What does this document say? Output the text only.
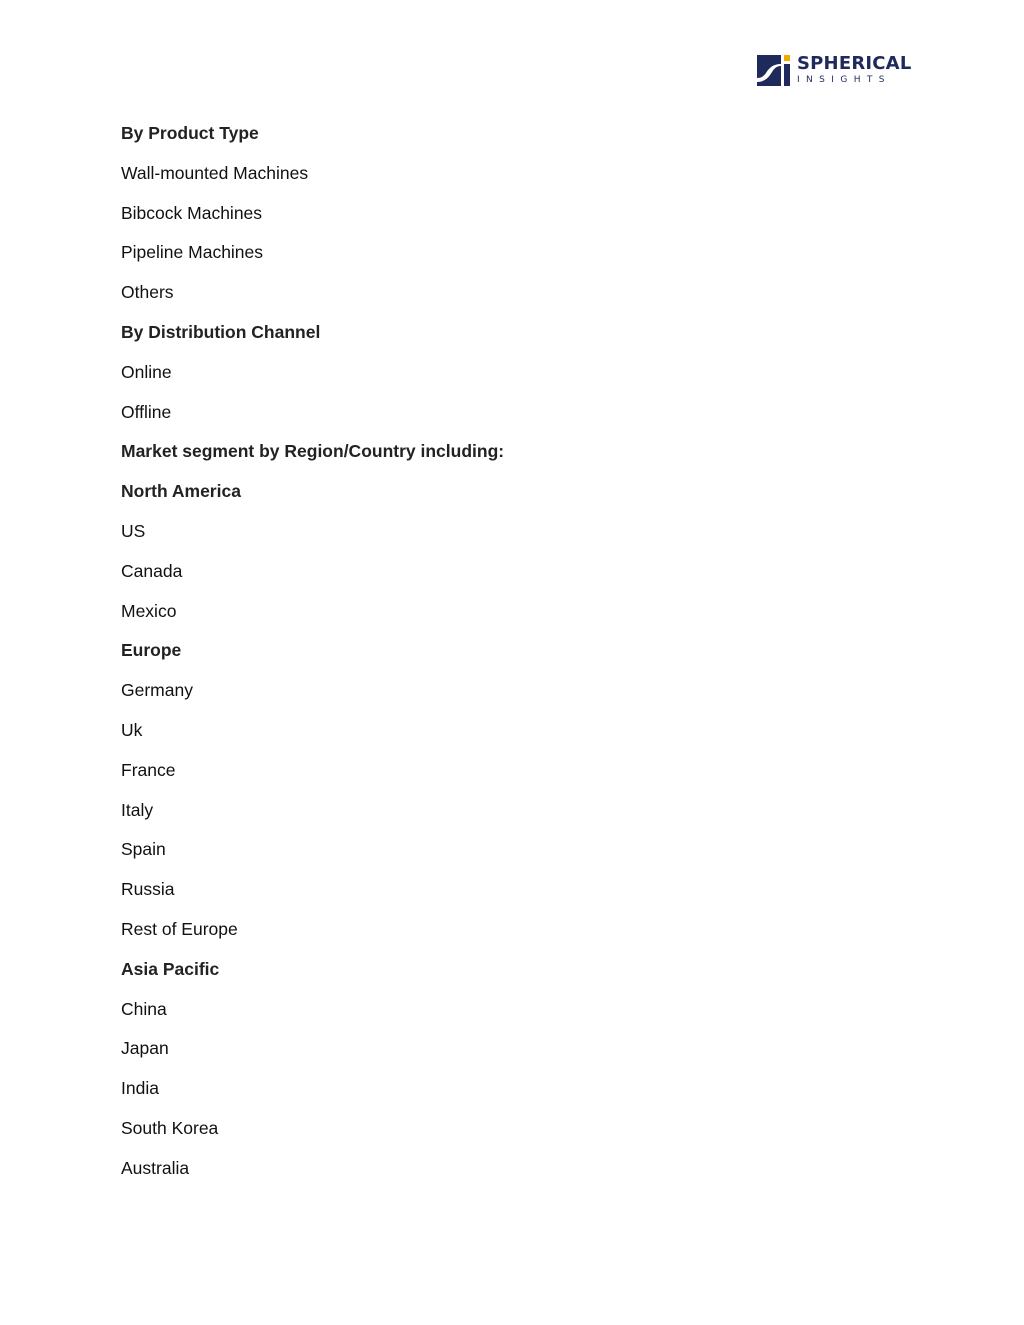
SPHERICAL
INSIGHTS
By Product Type
Wall-mounted Machines
Bibcock Machines
Pipeline Machines
Others
By Distribution Channel
Online
Offline
Market segment by Region/Country including:
North America
US
Canada
Mexico
Europe
Germany
Uk
France
Italy
Spain
Russia
Rest of Europe
Asia Pacific
China
Japan
India
South Korea
Australia
